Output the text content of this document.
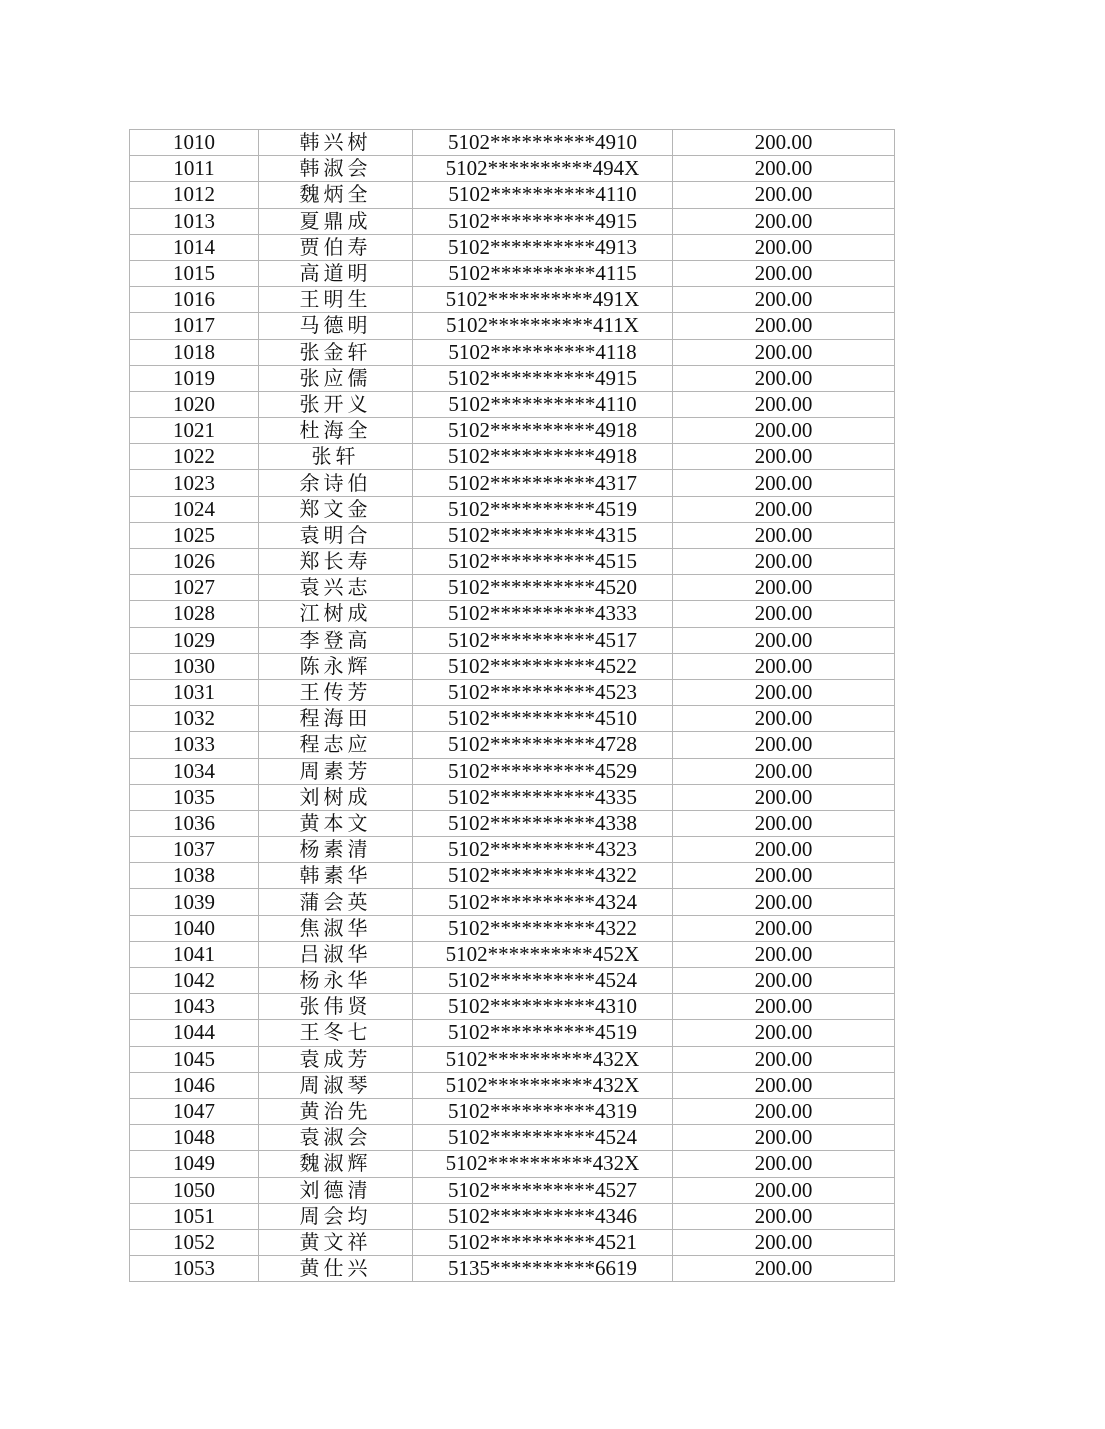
1010	韩兴树	5102**********4910	200.00
1011	韩淑会	5102**********494X	200.00
1012	魏炳全	5102**********4110	200.00
1013	夏鼎成	5102**********4915	200.00
1014	贾伯寿	5102**********4913	200.00
1015	高道明	5102**********4115	200.00
1016	王明生	5102**********491X	200.00
1017	马德明	5102**********411X	200.00
1018	张金轩	5102**********4118	200.00
1019	张应儒	5102**********4915	200.00
1020	张开义	5102**********4110	200.00
1021	杜海全	5102**********4918	200.00
1022	张轩	5102**********4918	200.00
1023	余诗伯	5102**********4317	200.00
1024	郑文金	5102**********4519	200.00
1025	袁明合	5102**********4315	200.00
1026	郑长寿	5102**********4515	200.00
1027	袁兴志	5102**********4520	200.00
1028	江树成	5102**********4333	200.00
1029	李登高	5102**********4517	200.00
1030	陈永辉	5102**********4522	200.00
1031	王传芳	5102**********4523	200.00
1032	程海田	5102**********4510	200.00
1033	程志应	5102**********4728	200.00
1034	周素芳	5102**********4529	200.00
1035	刘树成	5102**********4335	200.00
1036	黄本文	5102**********4338	200.00
1037	杨素清	5102**********4323	200.00
1038	韩素华	5102**********4322	200.00
1039	蒲会英	5102**********4324	200.00
1040	焦淑华	5102**********4322	200.00
1041	吕淑华	5102**********452X	200.00
1042	杨永华	5102**********4524	200.00
1043	张伟贤	5102**********4310	200.00
1044	王冬七	5102**********4519	200.00
1045	袁成芳	5102**********432X	200.00
1046	周淑琴	5102**********432X	200.00
1047	黄治先	5102**********4319	200.00
1048	袁淑会	5102**********4524	200.00
1049	魏淑辉	5102**********432X	200.00
1050	刘德清	5102**********4527	200.00
1051	周会均	5102**********4346	200.00
1052	黄文祥	5102**********4521	200.00
1053	黄仕兴	5135**********6619	200.00
